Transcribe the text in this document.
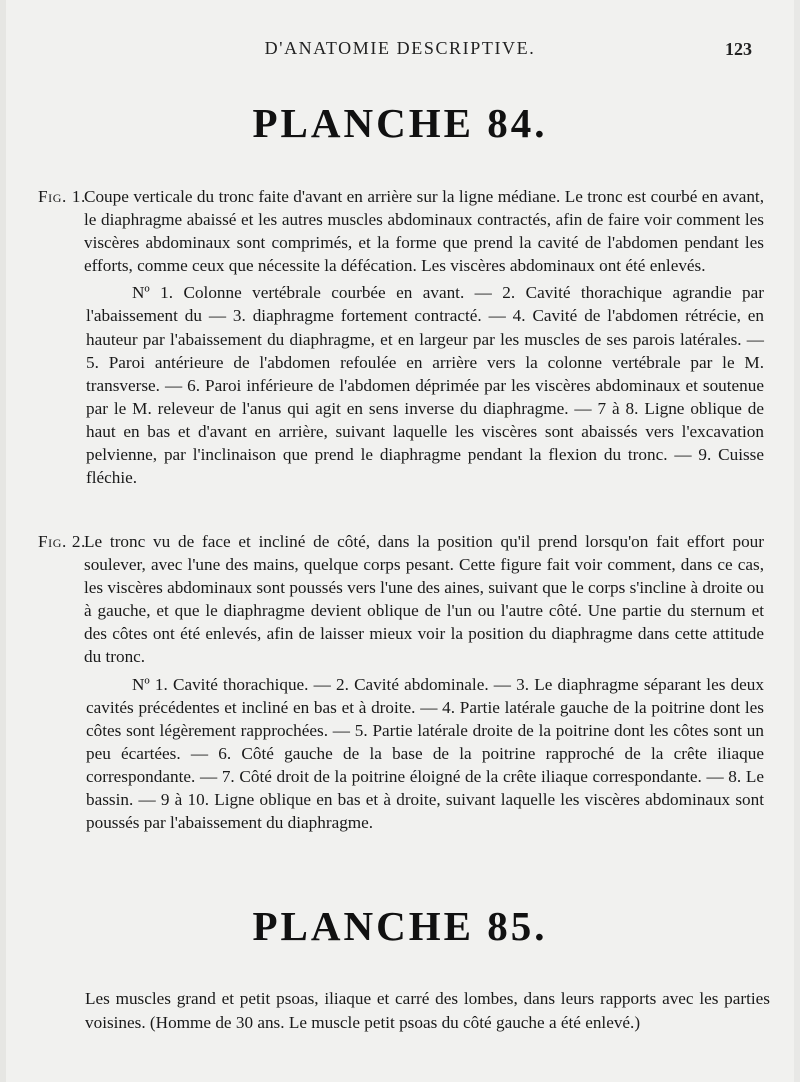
D'ANATOMIE DESCRIPTIVE.	123
PLANCHE 84.
Fig. 1.
Coupe verticale du tronc faite d'avant en arrière sur la ligne médiane. Le tronc est courbé en avant, le diaphragme abaissé et les autres muscles abdominaux contractés, afin de faire voir comment les viscères abdominaux sont comprimés, et la forme que prend la cavité de l'abdomen pendant les efforts, comme ceux que nécessite la défécation. Les viscères abdominaux ont été enlevés.
Nº 1. Colonne vertébrale courbée en avant. — 2. Cavité thorachique agrandie par l'abaissement du — 3. diaphragme fortement contracté. — 4. Cavité de l'abdomen rétrécie, en hauteur par l'abaissement du diaphragme, et en largeur par les muscles de ses parois latérales. — 5. Paroi antérieure de l'abdomen refoulée en arrière vers la colonne vertébrale par le M. transverse. — 6. Paroi inférieure de l'abdomen déprimée par les viscères abdominaux et soutenue par le M. releveur de l'anus qui agit en sens inverse du diaphragme. — 7 à 8. Ligne oblique de haut en bas et d'avant en arrière, suivant laquelle les viscères sont abaissés vers l'excavation pelvienne, par l'inclinaison que prend le diaphragme pendant la flexion du tronc. — 9. Cuisse fléchie.
Fig. 2.
Le tronc vu de face et incliné de côté, dans la position qu'il prend lorsqu'on fait effort pour soulever, avec l'une des mains, quelque corps pesant. Cette figure fait voir comment, dans ce cas, les viscères abdominaux sont poussés vers l'une des aines, suivant que le corps s'incline à droite ou à gauche, et que le diaphragme devient oblique de l'un ou l'autre côté. Une partie du sternum et des côtes ont été enlevés, afin de laisser mieux voir la position du diaphragme dans cette attitude du tronc.
Nº 1. Cavité thorachique. — 2. Cavité abdominale. — 3. Le diaphragme séparant les deux cavités précédentes et incliné en bas et à droite. — 4. Partie latérale gauche de la poitrine dont les côtes sont légèrement rapprochées. — 5. Partie latérale droite de la poitrine dont les côtes sont un peu écartées. — 6. Côté gauche de la base de la poitrine rapproché de la crête iliaque correspondante. — 7. Côté droit de la poitrine éloigné de la crête iliaque correspondante. — 8. Le bassin. — 9 à 10. Ligne oblique en bas et à droite, suivant laquelle les viscères abdominaux sont poussés par l'abaissement du diaphragme.
PLANCHE 85.
Les muscles grand et petit psoas, iliaque et carré des lombes, dans leurs rapports avec les parties voisines. (Homme de 30 ans. Le muscle petit psoas du côté gauche a été enlevé.)
